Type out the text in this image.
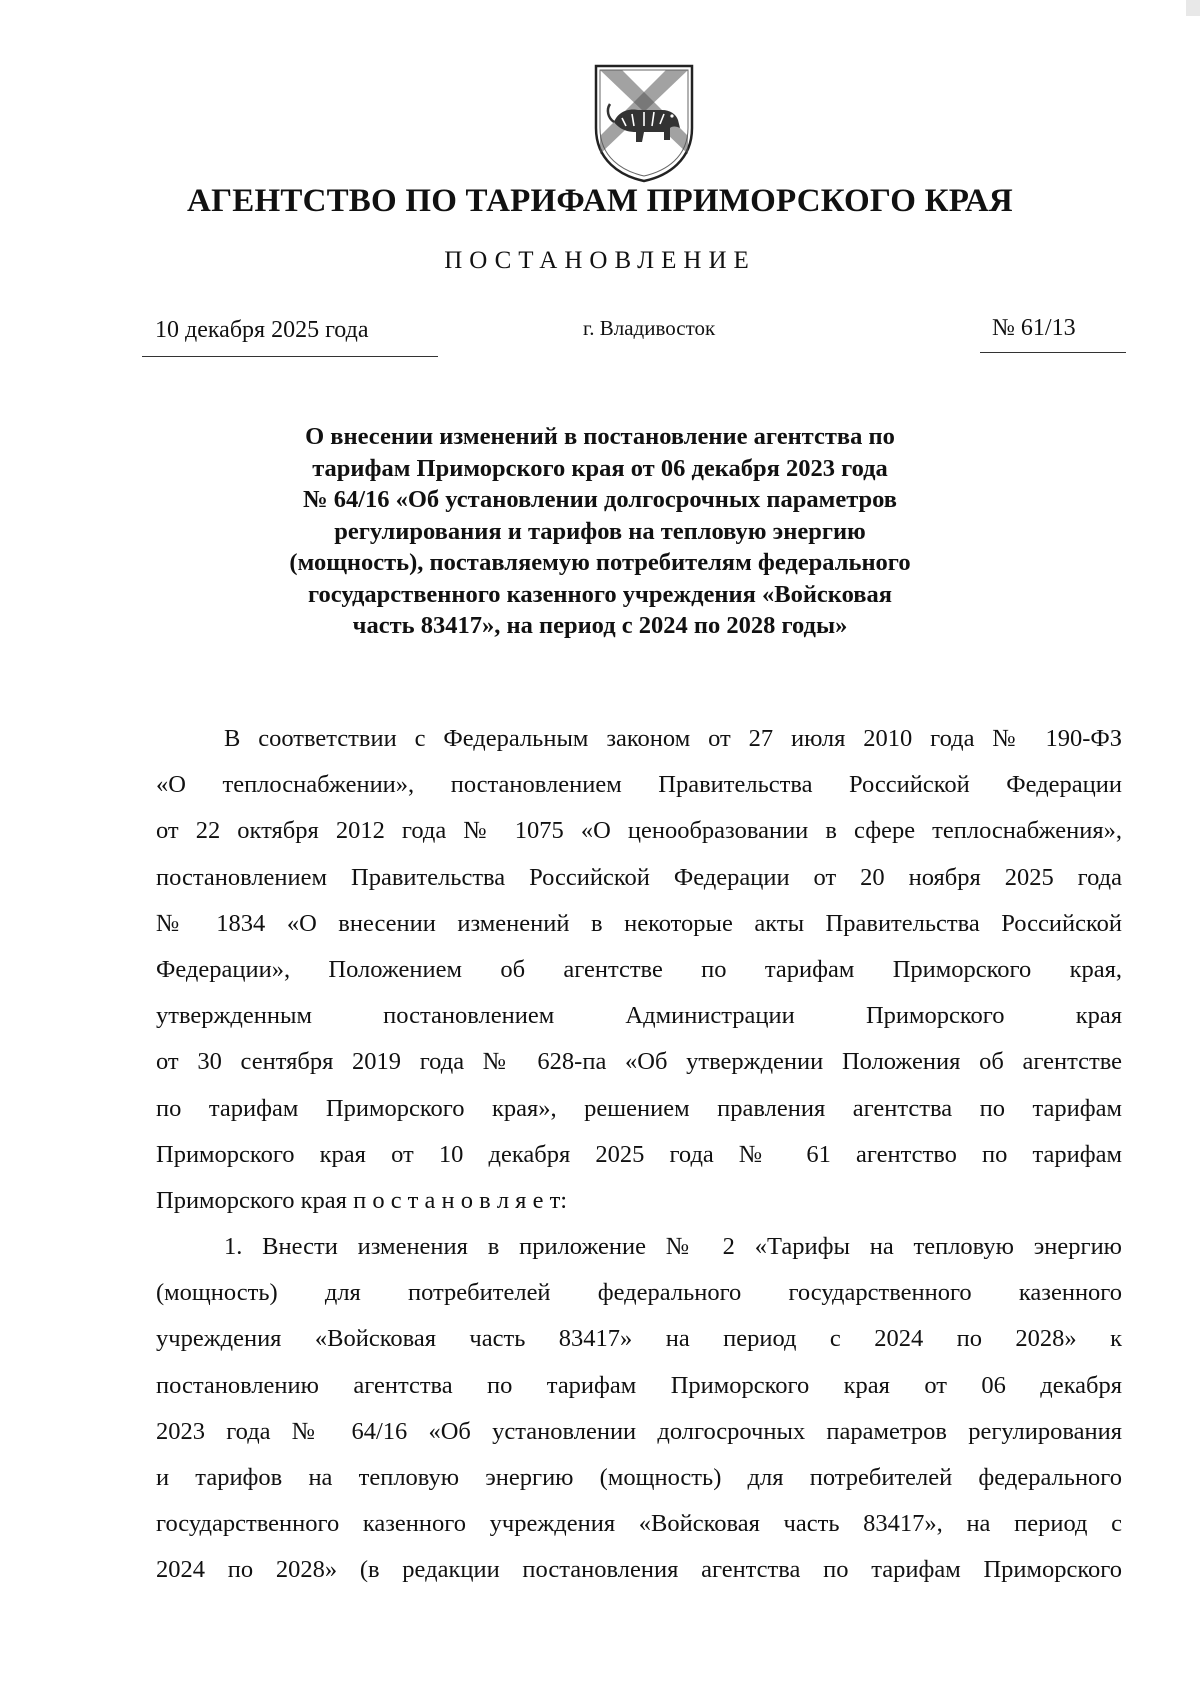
АГЕНТСТВО ПО ТАРИФАМ ПРИМОРСКОГО КРАЯ
ПОСТАНОВЛЕНИЕ
10 декабря 2025 года	г. Владивосток	№ 61/13
О внесении изменений в постановление агентства по
тарифам Приморского края от 06 декабря 2023 года
№ 64/16 «Об установлении долгосрочных параметров
регулирования и тарифов на тепловую энергию
(мощность), поставляемую потребителям федерального
государственного казенного учреждения «Войсковая
часть 83417», на период с 2024 по 2028 годы»
В соответствии с Федеральным законом от 27 июля 2010 года № 190-ФЗ
«О теплоснабжении», постановлением Правительства Российской Федерации
от 22 октября 2012 года № 1075 «О ценообразовании в сфере теплоснабжения»,
постановлением Правительства Российской Федерации от 20 ноября 2025 года
№ 1834 «О внесении изменений в некоторые акты Правительства Российской
Федерации», Положением об агентстве по тарифам Приморского края,
утвержденным постановлением Администрации Приморского края
от 30 сентября 2019 года № 628-па «Об утверждении Положения об агентстве
по тарифам Приморского края», решением правления агентства по тарифам
Приморского края от 10 декабря 2025 года № 61 агентство по тарифам
Приморского края п о с т а н о в л я е т:
1. Внести изменения в приложение № 2 «Тарифы на тепловую энергию
(мощность) для потребителей федерального государственного казенного
учреждения «Войсковая часть 83417» на период с 2024 по 2028» к
постановлению агентства по тарифам Приморского края от 06 декабря
2023 года № 64/16 «Об установлении долгосрочных параметров регулирования
и тарифов на тепловую энергию (мощность) для потребителей федерального
государственного казенного учреждения «Войсковая часть 83417», на период с
2024 по 2028» (в редакции постановления агентства по тарифам Приморского
